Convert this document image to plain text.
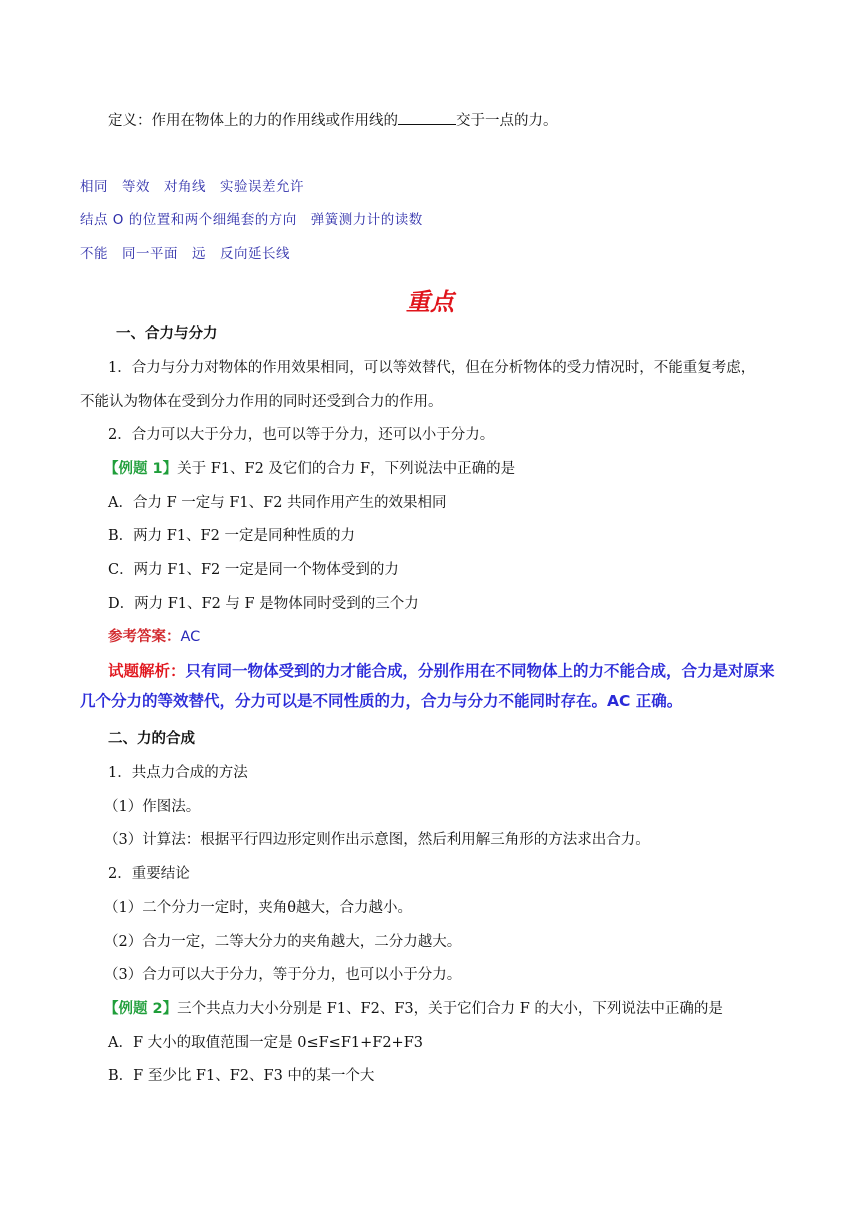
定义：作用在物体上的力的作用线或作用线的	交于一点的力。
相同　等效　对角线　实验误差允许
结点 O 的位置和两个细绳套的方向　弹簧测力计的读数
不能　同一平面　远　反向延长线
重点
一、合力与分力
1．合力与分力对物体的作用效果相同，可以等效替代，但在分析物体的受力情况时，不能重复考虑，
不能认为物体在受到分力作用的同时还受到合力的作用。
2．合力可以大于分力，也可以等于分力，还可以小于分力。
【例题 1】关于 F1、F2 及它们的合力 F，下列说法中正确的是
A．合力 F 一定与 F1、F2 共同作用产生的效果相同
B．两力 F1、F2 一定是同种性质的力
C．两力 F1、F2 一定是同一个物体受到的力
D．两力 F1、F2 与 F 是物体同时受到的三个力
参考答案：AC
试题解析：只有同一物体受到的力才能合成，分别作用在不同物体上的力不能合成，合力是对原来几个分力的等效替代，分力可以是不同性质的力，合力与分力不能同时存在。AC 正确。
二、力的合成
1．共点力合成的方法
（1）作图法。
（3）计算法：根据平行四边形定则作出示意图，然后利用解三角形的方法求出合力。
2．重要结论
（1）二个分力一定时，夹角θ越大，合力越小。
（2）合力一定，二等大分力的夹角越大，二分力越大。
（3）合力可以大于分力，等于分力，也可以小于分力。
【例题 2】三个共点力大小分别是 F1、F2、F3，关于它们合力 F 的大小，下列说法中正确的是
A．F 大小的取值范围一定是 0≤F≤F1+F2+F3
B．F 至少比 F1、F2、F3 中的某一个大
